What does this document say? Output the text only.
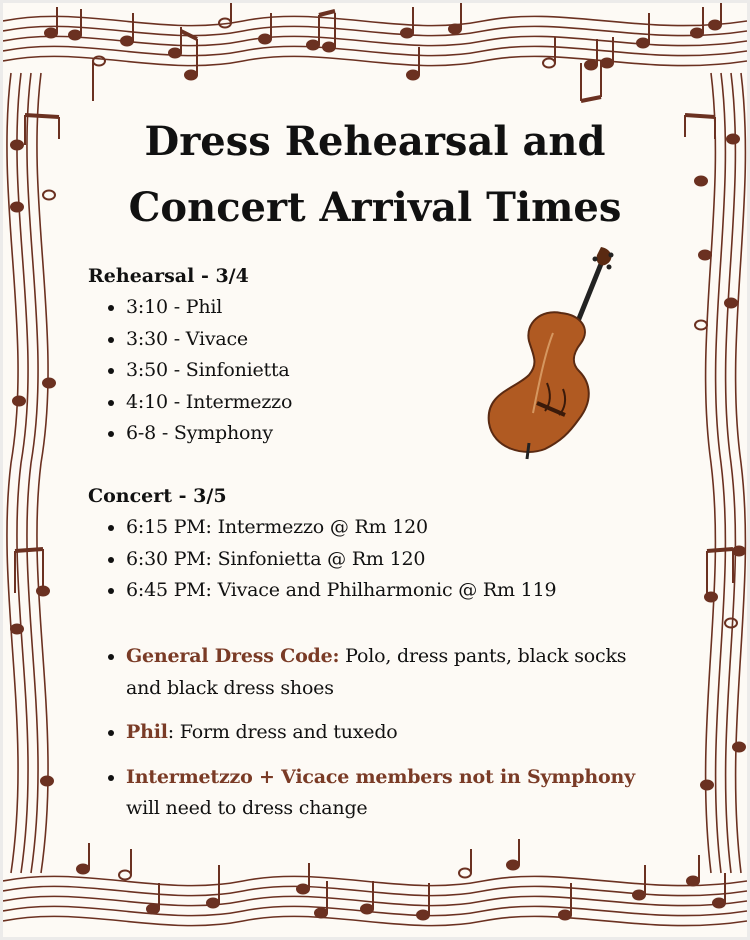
Dress Rehearsal and
Concert Arrival Times
Rehearsal - 3/4
• 3:10 - Phil
• 3:30 - Vivace
• 3:50 - Sinfonietta
• 4:10 - Intermezzo
• 6-8 - Symphony
Concert - 3/5
• 6:15 PM: Intermezzo @ Rm 120
• 6:30 PM: Sinfonietta @ Rm 120
• 6:45 PM: Vivace and Philharmonic @ Rm 119
• General Dress Code: Polo, dress pants, black socks and black dress shoes
• Phil: Form dress and tuxedo
• Intermetzzo + Vicace members not in Symphony will need to dress change
